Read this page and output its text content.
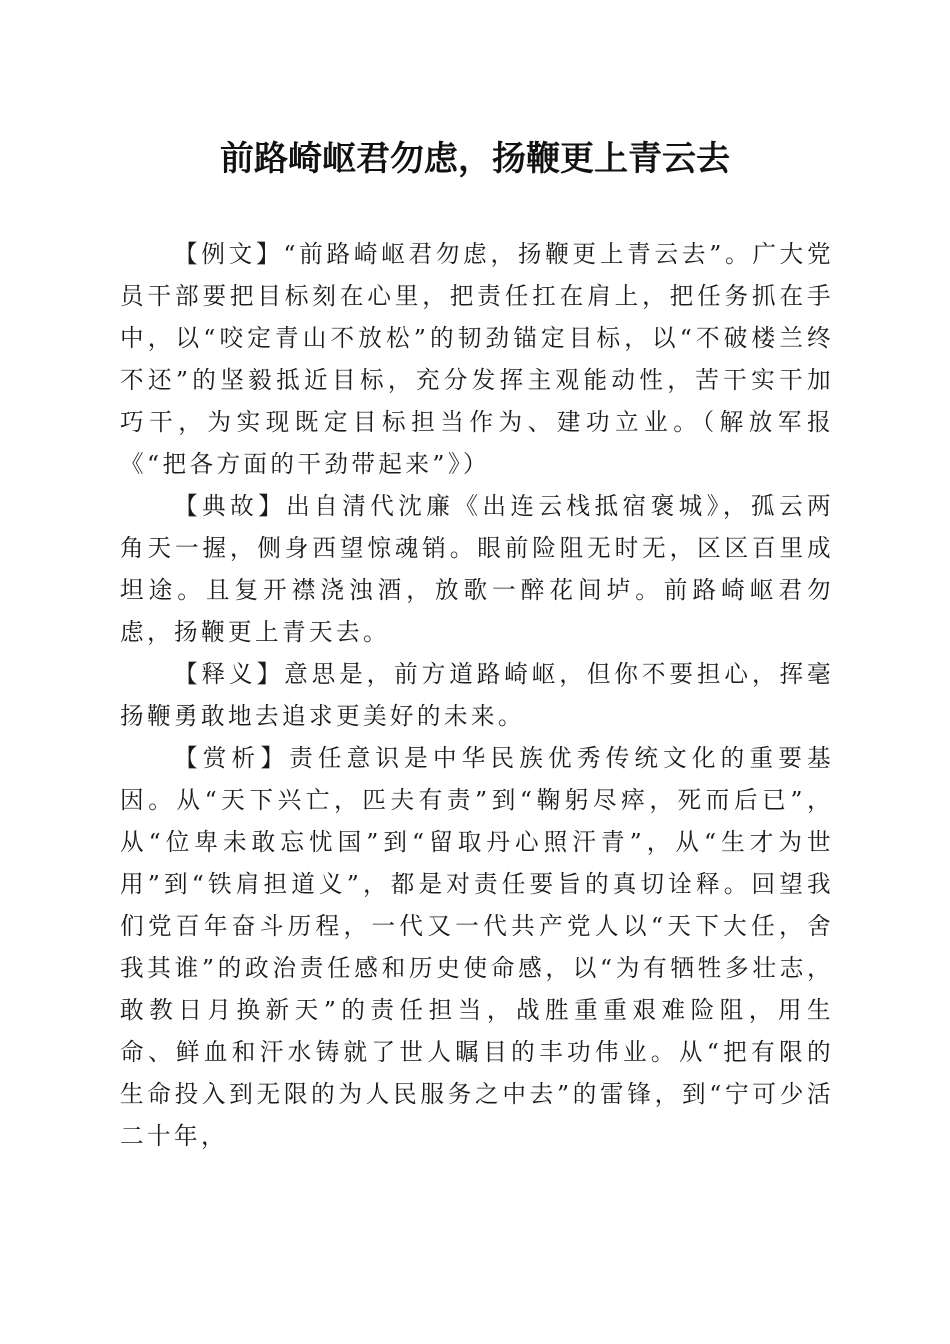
前路崎岖君勿虑，扬鞭更上青云去

【例文】“前路崎岖君勿虑，扬鞭更上青云去”。广大党员干部要把目标刻在心里，把责任扛在肩上，把任务抓在手中，以“咬定青山不放松”的韧劲锚定目标，以“不破楼兰终不还”的坚毅抵近目标，充分发挥主观能动性，苦干实干加巧干，为实现既定目标担当作为、建功立业。（解放军报《“把各方面的干劲带起来”》）

【典故】出自清代沈廉《出连云栈抵宿褒城》，孤云两角天一握，侧身西望惊魂销。眼前险阻无时无，区区百里成坦途。且复开襟浇浊酒，放歌一醉花间垆。前路崎岖君勿虑，扬鞭更上青天去。

【释义】意思是，前方道路崎岖，但你不要担心，挥毫扬鞭勇敢地去追求更美好的未来。

【赏析】责任意识是中华民族优秀传统文化的重要基因。从“天下兴亡，匹夫有责”到“鞠躬尽瘁，死而后已”，从“位卑未敢忘忧国”到“留取丹心照汗青”，从“生才为世用”到“铁肩担道义”，都是对责任要旨的真切诠释。回望我们党百年奋斗历程，一代又一代共产党人以“天下大任，舍我其谁”的政治责任感和历史使命感，以“为有牺牲多壮志，敢教日月换新天”的责任担当，战胜重重艰难险阻，用生命、鲜血和汗水铸就了世人瞩目的丰功伟业。从“把有限的生命投入到无限的为人民服务之中去”的雷锋，到“宁可少活二十年，
